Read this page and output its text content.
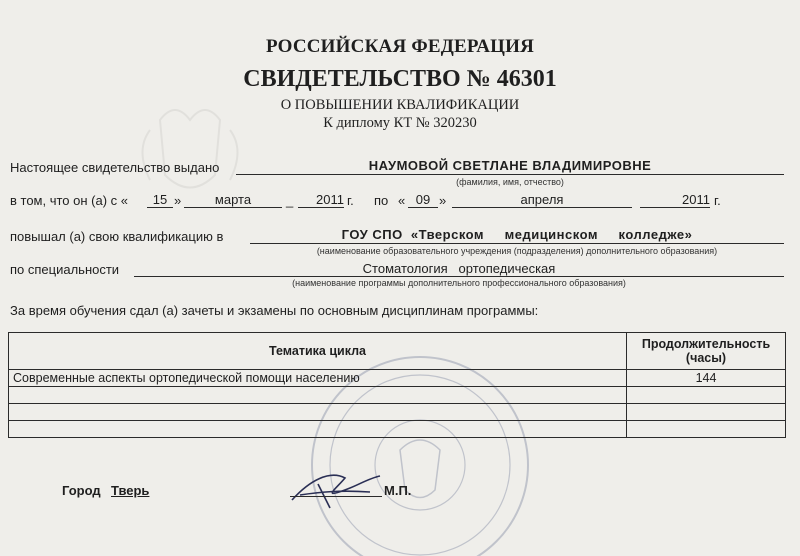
РОССИЙСКАЯ ФЕДЕРАЦИЯ
СВИДЕТЕЛЬСТВО № 46301
О ПОВЫШЕНИИ КВАЛИФИКАЦИИ
К диплому КТ № 320230
Настоящее свидетельство выдано	НАУМОВОЙ СВЕТЛАНЕ ВЛАДИМИРОВНЕ
(фамилия, имя, отчество)
в том, что он (а) с «	15 »	марта	_	2011 г. по « 09 »	апреля	2011 г.
повышал (а) свою квалификацию в	ГОУ СПО  «Тверском     медицинском     колледже»
(наименование образовательного учреждения (подразделения) дополнительного образования)
по специальности	Стоматология   ортопедическая
(наименование программы дополнительного профессионального образования)
За время обучения сдал (а) зачеты и экзамены по основным дисциплинам программы:
Тематика цикла	Продолжительность (часы)
Современные аспекты ортопедической помощи населению	144

Город Тверь	М.П.
